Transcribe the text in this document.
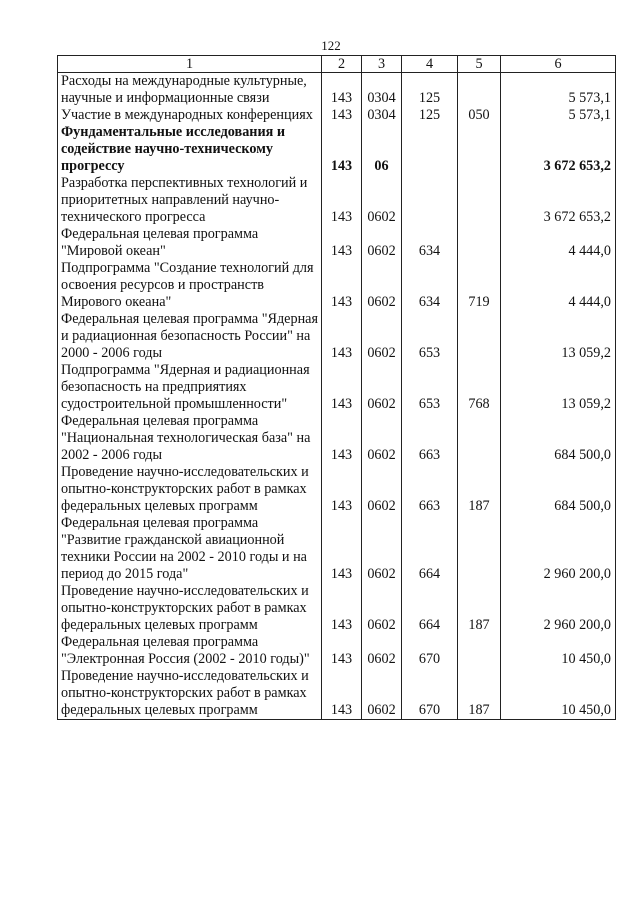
122
1	2	3	4	5	6
Расходы на международные культурные, научные и информационные связи	143	0304	125		5 573,1
Участие в международных конференциях	143	0304	125	050	5 573,1
Фундаментальные исследования и содействие научно-техническому прогрессу	143	06			3 672 653,2
Разработка перспективных технологий и приоритетных направлений научно-технического прогресса	143	0602			3 672 653,2
Федеральная целевая программа "Мировой океан"	143	0602	634		4 444,0
Подпрограмма "Создание технологий для освоения ресурсов и пространств Мирового океана"	143	0602	634	719	4 444,0
Федеральная целевая программа "Ядерная и радиационная безопасность России" на 2000 - 2006 годы	143	0602	653		13 059,2
Подпрограмма "Ядерная и радиационная безопасность на предприятиях судостроительной промышленности"	143	0602	653	768	13 059,2
Федеральная целевая программа "Национальная технологическая база" на 2002 - 2006 годы	143	0602	663		684 500,0
Проведение научно-исследовательских и опытно-конструкторских работ в рамках федеральных целевых программ	143	0602	663	187	684 500,0
Федеральная целевая программа "Развитие гражданской авиационной техники России на 2002 - 2010 годы и на период до 2015 года"	143	0602	664		2 960 200,0
Проведение научно-исследовательских и опытно-конструкторских работ в рамках федеральных целевых программ	143	0602	664	187	2 960 200,0
Федеральная целевая программа "Электронная Россия (2002 - 2010 годы)"	143	0602	670		10 450,0
Проведение научно-исследовательских и опытно-конструкторских работ в рамках федеральных целевых программ	143	0602	670	187	10 450,0
